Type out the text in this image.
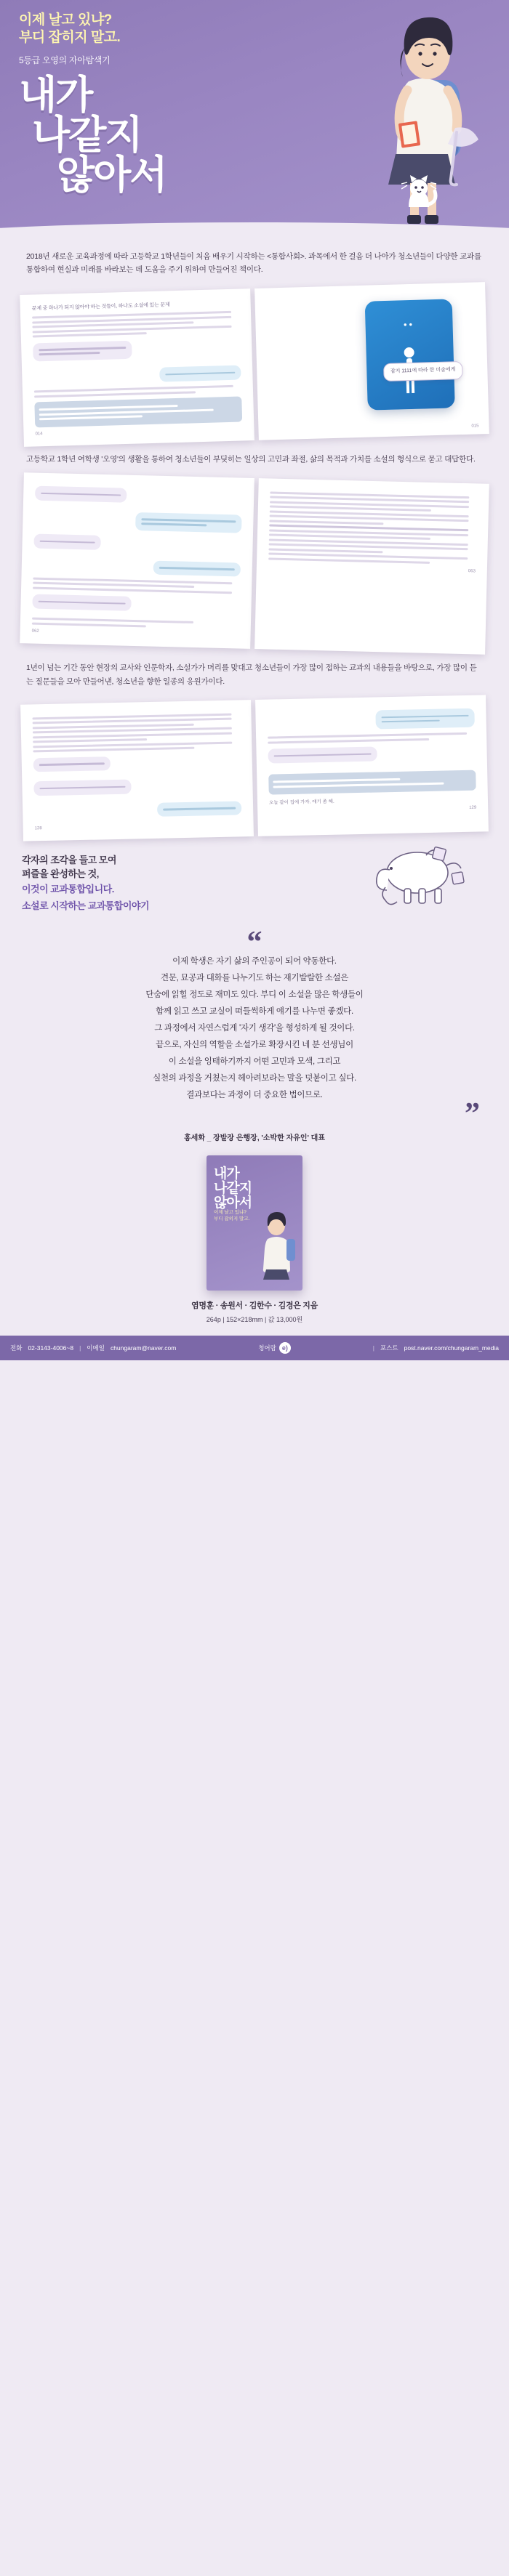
이제 날고 있냐?
부디 잡히지 말고.
5등급 오영의 자아탐색기
내가
나같지
않아서
2018년 새로운 교육과정에 따라 고등학교 1학년들이 처음 배우기 시작하는 <통합사회>. 과목에서 한 걸음 더 나아가 청소년들이 다양한 교과를 통합하여 현실과 미래를 바라보는 데 도움을 주기 위하여 만들어진 책이다.
문제 중 하나가 되지 않아야 하는 것들이, 하나도 소설에 있는 문제
014
••
잡지 1111에 따라 한 미술에게
015
고등학교 1학년 여학생 '오영'의 생활을 통하여 청소년들이 부딪히는 일상의 고민과 좌절, 삶의 목적과 가치를 소설의 형식으로 묻고 대답한다.
062
063
1년이 넘는 기간 동안 현장의 교사와 인문학자, 소설가가 머리를 맞대고 청소년들이 가장 많이 접하는 교과의 내용들을 바탕으로, 가장 많이 듣는 질문들을 모아 만들어낸, 청소년을 향한 일종의 응원가이다.
128
오늘 같이 집에 가자. 얘기 좀 해.
129
각자의 조각을 들고 모여
퍼즐을 완성하는 것,
이것이 교과통합입니다.
소설로 시작하는 교과통합이야기
“
이제 학생은 자기 삶의 주인공이 되어 약동한다.
견문, 묘공과 대화를 나누기도 하는 재기발랄한 소설은
단숨에 읽힐 정도로 재미도 있다. 부디 이 소설을 많은 학생들이
함께 읽고 쓰고 교실이 떠들썩하게 얘기를 나누면 좋겠다.
그 과정에서 자연스럽게 '자기 생각'을 형성하게 될 것이다.
끝으로, 자신의 역할을 소설가로 확장시킨 네 분 선생님이
이 소설을 잉태하기까지 어떤 고민과 모색, 그리고
실천의 과정을 거쳤는지 헤아려보라는 말을 덧붙이고 싶다.
결과보다는 과정이 더 중요한 법이므로.
”
홍세화 _ 장발장 은행장, '소박한 자유인' 대표
내가
나같지
않아서
이제 날고 있냐?
부디 잡히지 말고.
염명훈 · 송원서 · 김한수 · 김경은 지음
264p | 152×218mm | 값 13,000원
전화 02-3143-4006~8 | 이메일 chungaram@naver.com	청어람 e)	| 포스트 post.naver.com/chungaram_media
